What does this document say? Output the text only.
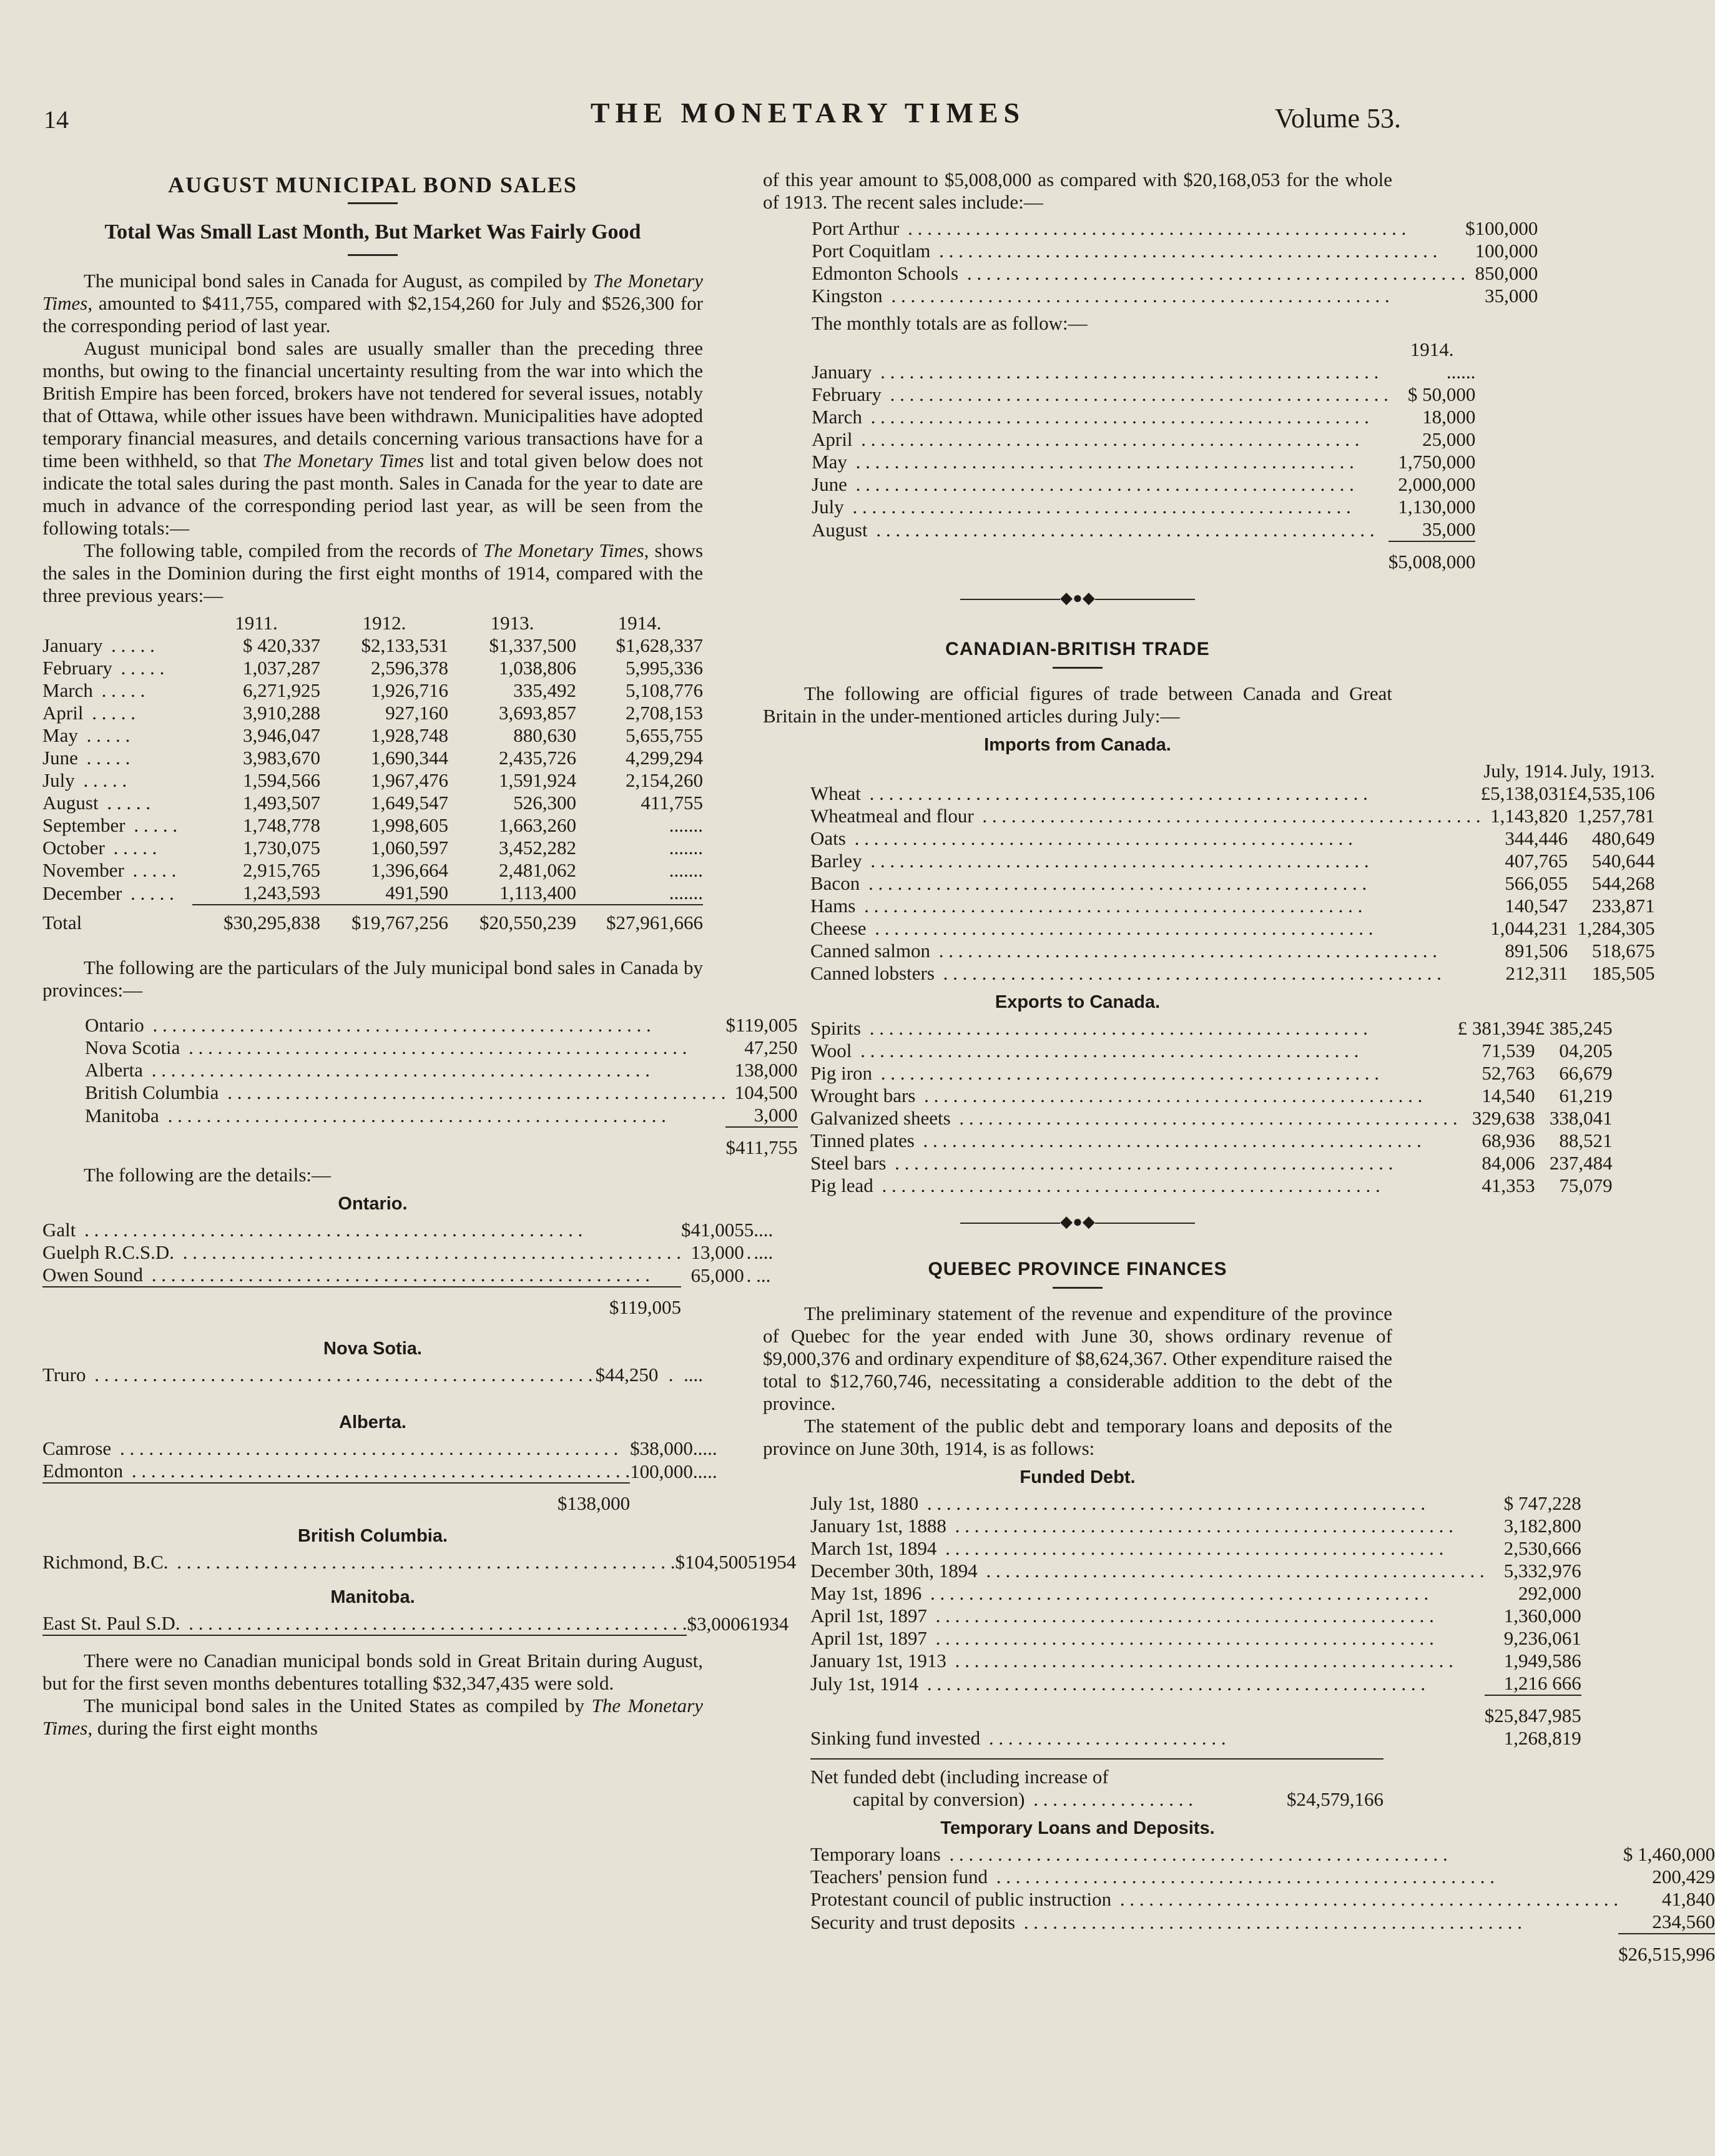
14	THE MONETARY TIMES	Volume 53.
AUGUST MUNICIPAL BOND SALES
Total Was Small Last Month, But Market Was Fairly Good

The municipal bond sales in Canada for August, as compiled by The Monetary Times, amounted to $411,755, compared with $2,154,260 for July and $526,300 for the corresponding period of last year.

August municipal bond sales are usually smaller than the preceding three months, but owing to the financial uncertainty resulting from the war into which the British Empire has been forced, brokers have not tendered for several issues, notably that of Ottawa, while other issues have been withdrawn. Municipalities have adopted temporary financial measures, and details concerning various transactions have for a time been withheld, so that The Monetary Times list and total given below does not indicate the total sales during the past month. Sales in Canada for the year to date are much in advance of the corresponding period last year, as will be seen from the following totals:—

The following table, compiled from the records of The Monetary Times, shows the sales in the Dominion during the first eight months of 1914, compared with the three previous years:—

	1911.	1912.	1913.	1914.
January . . . . .	$ 420,337	$2,133,531	$1,337,500	$1,628,337
February . . . . .	1,037,287	2,596,378	1,038,806	5,995,336
March . . . . .	6,271,925	1,926,716	335,492	5,108,776
April . . . . .	3,910,288	927,160	3,693,857	2,708,153
May . . . . .	3,946,047	1,928,748	880,630	5,655,755
June . . . . .	3,983,670	1,690,344	2,435,726	4,299,294
July . . . . .	1,594,566	1,967,476	1,591,924	2,154,260
August . . . . .	1,493,507	1,649,547	526,300	411,755
September . . . . .	1,748,778	1,998,605	1,663,260	.......
October . . . . .	1,730,075	1,060,597	3,452,282	.......
November . . . . .	2,915,765	1,396,664	2,481,062	.......
December . . . . .	1,243,593	491,590	1,113,400	.......
Total	$30,295,838	$19,767,256	$20,550,239	$27,961,666

The following are the particulars of the July municipal bond sales in Canada by provinces:—

Ontario . . . . . . . . . . . . . . . . . . . . . . . . . . . . . . . . . . . . . . . . . . . . . . . . . . . .	$119,005
Nova Scotia . . . . . . . . . . . . . . . . . . . . . . . . . . . . . . . . . . . . . . . . . . . . . . . . . . . .	47,250
Alberta . . . . . . . . . . . . . . . . . . . . . . . . . . . . . . . . . . . . . . . . . . . . . . . . . . . .	138,000
British Columbia . . . . . . . . . . . . . . . . . . . . . . . . . . . . . . . . . . . . . . . . . . . . . . . . . . . .	104,500
Manitoba . . . . . . . . . . . . . . . . . . . . . . . . . . . . . . . . . . . . . . . . . . . . . . . . . . . .	3,000
	$411,755

The following are the details:—

Ontario.
Galt . . . . . . . . . . . . . . . . . . . . . . . . . . . . . . . . . . . . . . . . . . . . . . . . . . . .	$41,005	5	....
Guelph R.C.S.D. . . . . . . . . . . . . . . . . . . . . . . . . . . . . . . . . . . . . . . . . . . . . . . . . . . . .	13,000	.	....
Owen Sound . . . . . . . . . . . . . . . . . . . . . . . . . . . . . . . . . . . . . . . . . . . . . . . . . . . .	65,000	.	...
$119,005			
Nova Sotia.
Truro . . . . . . . . . . . . . . . . . . . . . . . . . . . . . . . . . . . . . . . . . . . . . . . . . . . .	$44,250	.	....
Alberta.
Camrose . . . . . . . . . . . . . . . . . . . . . . . . . . . . . . . . . . . . . . . . . . . . . . . . . . . .	$38,000	.	....
Edmonton . . . . . . . . . . . . . . . . . . . . . . . . . . . . . . . . . . . . . . . . . . . . . . . . . . . .	100,000	.	....
$138,000			
British Columbia.
Richmond, B.C. . . . . . . . . . . . . . . . . . . . . . . . . . . . . . . . . . . . . . . . . . . . . . . . . . . . .	$104,500	5	1954
Manitoba.
East St. Paul S.D. . . . . . . . . . . . . . . . . . . . . . . . . . . . . . . . . . . . . . . . . . . . . . . . . . . . .	$3,000	6	1934

There were no Canadian municipal bonds sold in Great Britain during August, but for the first seven months debentures totalling $32,347,435 were sold.

The municipal bond sales in the United States as compiled by The Monetary Times, during the first eight months

of this year amount to $5,008,000 as compared with $20,168,053 for the whole of 1913. The recent sales include:—

Port Arthur . . . . . . . . . . . . . . . . . . . . . . . . . . . . . . . . . . . . . . . . . . . . . . . . . . . .	$100,000
Port Coquitlam . . . . . . . . . . . . . . . . . . . . . . . . . . . . . . . . . . . . . . . . . . . . . . . . . . . .	100,000
Edmonton Schools . . . . . . . . . . . . . . . . . . . . . . . . . . . . . . . . . . . . . . . . . . . . . . . . . . . .	850,000
Kingston . . . . . . . . . . . . . . . . . . . . . . . . . . . . . . . . . . . . . . . . . . . . . . . . . . . .	35,000

The monthly totals are as follow:—

	1914.
January . . . . . . . . . . . . . . . . . . . . . . . . . . . . . . . . . . . . . . . . . . . . . . . . . . . .	......
February . . . . . . . . . . . . . . . . . . . . . . . . . . . . . . . . . . . . . . . . . . . . . . . . . . . .	$ 50,000
March . . . . . . . . . . . . . . . . . . . . . . . . . . . . . . . . . . . . . . . . . . . . . . . . . . . .	18,000
April . . . . . . . . . . . . . . . . . . . . . . . . . . . . . . . . . . . . . . . . . . . . . . . . . . . .	25,000
May . . . . . . . . . . . . . . . . . . . . . . . . . . . . . . . . . . . . . . . . . . . . . . . . . . . .	1,750,000
June . . . . . . . . . . . . . . . . . . . . . . . . . . . . . . . . . . . . . . . . . . . . . . . . . . . .	2,000,000
July . . . . . . . . . . . . . . . . . . . . . . . . . . . . . . . . . . . . . . . . . . . . . . . . . . . .	1,130,000
August . . . . . . . . . . . . . . . . . . . . . . . . . . . . . . . . . . . . . . . . . . . . . . . . . . . .	35,000
	$5,008,000
◆●◆
CANADIAN-BRITISH TRADE

The following are official figures of trade between Canada and Great Britain in the under-mentioned articles during July:—

Imports from Canada.
	July, 1914.	July, 1913.
Wheat . . . . . . . . . . . . . . . . . . . . . . . . . . . . . . . . . . . . . . . . . . . . . . . . . . . .	£5,138,031	£4,535,106
Wheatmeal and flour . . . . . . . . . . . . . . . . . . . . . . . . . . . . . . . . . . . . . . . . . . . . . . . . . . . .	1,143,820	1,257,781
Oats . . . . . . . . . . . . . . . . . . . . . . . . . . . . . . . . . . . . . . . . . . . . . . . . . . . .	344,446	480,649
Barley . . . . . . . . . . . . . . . . . . . . . . . . . . . . . . . . . . . . . . . . . . . . . . . . . . . .	407,765	540,644
Bacon . . . . . . . . . . . . . . . . . . . . . . . . . . . . . . . . . . . . . . . . . . . . . . . . . . . .	566,055	544,268
Hams . . . . . . . . . . . . . . . . . . . . . . . . . . . . . . . . . . . . . . . . . . . . . . . . . . . .	140,547	233,871
Cheese . . . . . . . . . . . . . . . . . . . . . . . . . . . . . . . . . . . . . . . . . . . . . . . . . . . .	1,044,231	1,284,305
Canned salmon . . . . . . . . . . . . . . . . . . . . . . . . . . . . . . . . . . . . . . . . . . . . . . . . . . . .	891,506	518,675
Canned lobsters . . . . . . . . . . . . . . . . . . . . . . . . . . . . . . . . . . . . . . . . . . . . . . . . . . . .	212,311	185,505
Exports to Canada.
Spirits . . . . . . . . . . . . . . . . . . . . . . . . . . . . . . . . . . . . . . . . . . . . . . . . . . . .	£ 381,394	£ 385,245
Wool . . . . . . . . . . . . . . . . . . . . . . . . . . . . . . . . . . . . . . . . . . . . . . . . . . . .	71,539	04,205
Pig iron . . . . . . . . . . . . . . . . . . . . . . . . . . . . . . . . . . . . . . . . . . . . . . . . . . . .	52,763	66,679
Wrought bars . . . . . . . . . . . . . . . . . . . . . . . . . . . . . . . . . . . . . . . . . . . . . . . . . . . .	14,540	61,219
Galvanized sheets . . . . . . . . . . . . . . . . . . . . . . . . . . . . . . . . . . . . . . . . . . . . . . . . . . . .	329,638	338,041
Tinned plates . . . . . . . . . . . . . . . . . . . . . . . . . . . . . . . . . . . . . . . . . . . . . . . . . . . .	68,936	88,521
Steel bars . . . . . . . . . . . . . . . . . . . . . . . . . . . . . . . . . . . . . . . . . . . . . . . . . . . .	84,006	237,484
Pig lead . . . . . . . . . . . . . . . . . . . . . . . . . . . . . . . . . . . . . . . . . . . . . . . . . . . .	41,353	75,079
◆●◆
QUEBEC PROVINCE FINANCES

The preliminary statement of the revenue and expenditure of the province of Quebec for the year ended with June 30, shows ordinary revenue of $9,000,376 and ordinary expenditure of $8,624,367. Other expenditure raised the total to $12,760,746, necessitating a considerable addition to the debt of the province.

The statement of the public debt and temporary loans and deposits of the province on June 30th, 1914, is as follows:

Funded Debt.
July 1st, 1880 . . . . . . . . . . . . . . . . . . . . . . . . . . . . . . . . . . . . . . . . . . . . . . . . . . . .	$ 747,228
January 1st, 1888 . . . . . . . . . . . . . . . . . . . . . . . . . . . . . . . . . . . . . . . . . . . . . . . . . . . .	3,182,800
March 1st, 1894 . . . . . . . . . . . . . . . . . . . . . . . . . . . . . . . . . . . . . . . . . . . . . . . . . . . .	2,530,666
December 30th, 1894 . . . . . . . . . . . . . . . . . . . . . . . . . . . . . . . . . . . . . . . . . . . . . . . . . . . .	5,332,976
May 1st, 1896 . . . . . . . . . . . . . . . . . . . . . . . . . . . . . . . . . . . . . . . . . . . . . . . . . . . .	292,000
April 1st, 1897 . . . . . . . . . . . . . . . . . . . . . . . . . . . . . . . . . . . . . . . . . . . . . . . . . . . .	1,360,000
April 1st, 1897 . . . . . . . . . . . . . . . . . . . . . . . . . . . . . . . . . . . . . . . . . . . . . . . . . . . .	9,236,061
January 1st, 1913 . . . . . . . . . . . . . . . . . . . . . . . . . . . . . . . . . . . . . . . . . . . . . . . . . . . .	1,949,586
July 1st, 1914 . . . . . . . . . . . . . . . . . . . . . . . . . . . . . . . . . . . . . . . . . . . . . . . . . . . .	1,216 666
	$25,847,985
Sinking fund invested . . . . . . . . . . . . . . . . . . . . . . . . .	1,268,819
Net funded debt (including increase of	
capital by conversion) . . . . . . . . . . . . . . . . .	$24,579,166
Temporary Loans and Deposits.
Temporary loans . . . . . . . . . . . . . . . . . . . . . . . . . . . . . . . . . . . . . . . . . . . . . . . . . . . .	$ 1,460,000
Teachers' pension fund . . . . . . . . . . . . . . . . . . . . . . . . . . . . . . . . . . . . . . . . . . . . . . . . . . . .	200,429
Protestant council of public instruction . . . . . . . . . . . . . . . . . . . . . . . . . . . . . . . . . . . . . . . . . . . . . . . . . . . .	41,840
Security and trust deposits . . . . . . . . . . . . . . . . . . . . . . . . . . . . . . . . . . . . . . . . . . . . . . . . . . . .	234,560
	$26,515,996
